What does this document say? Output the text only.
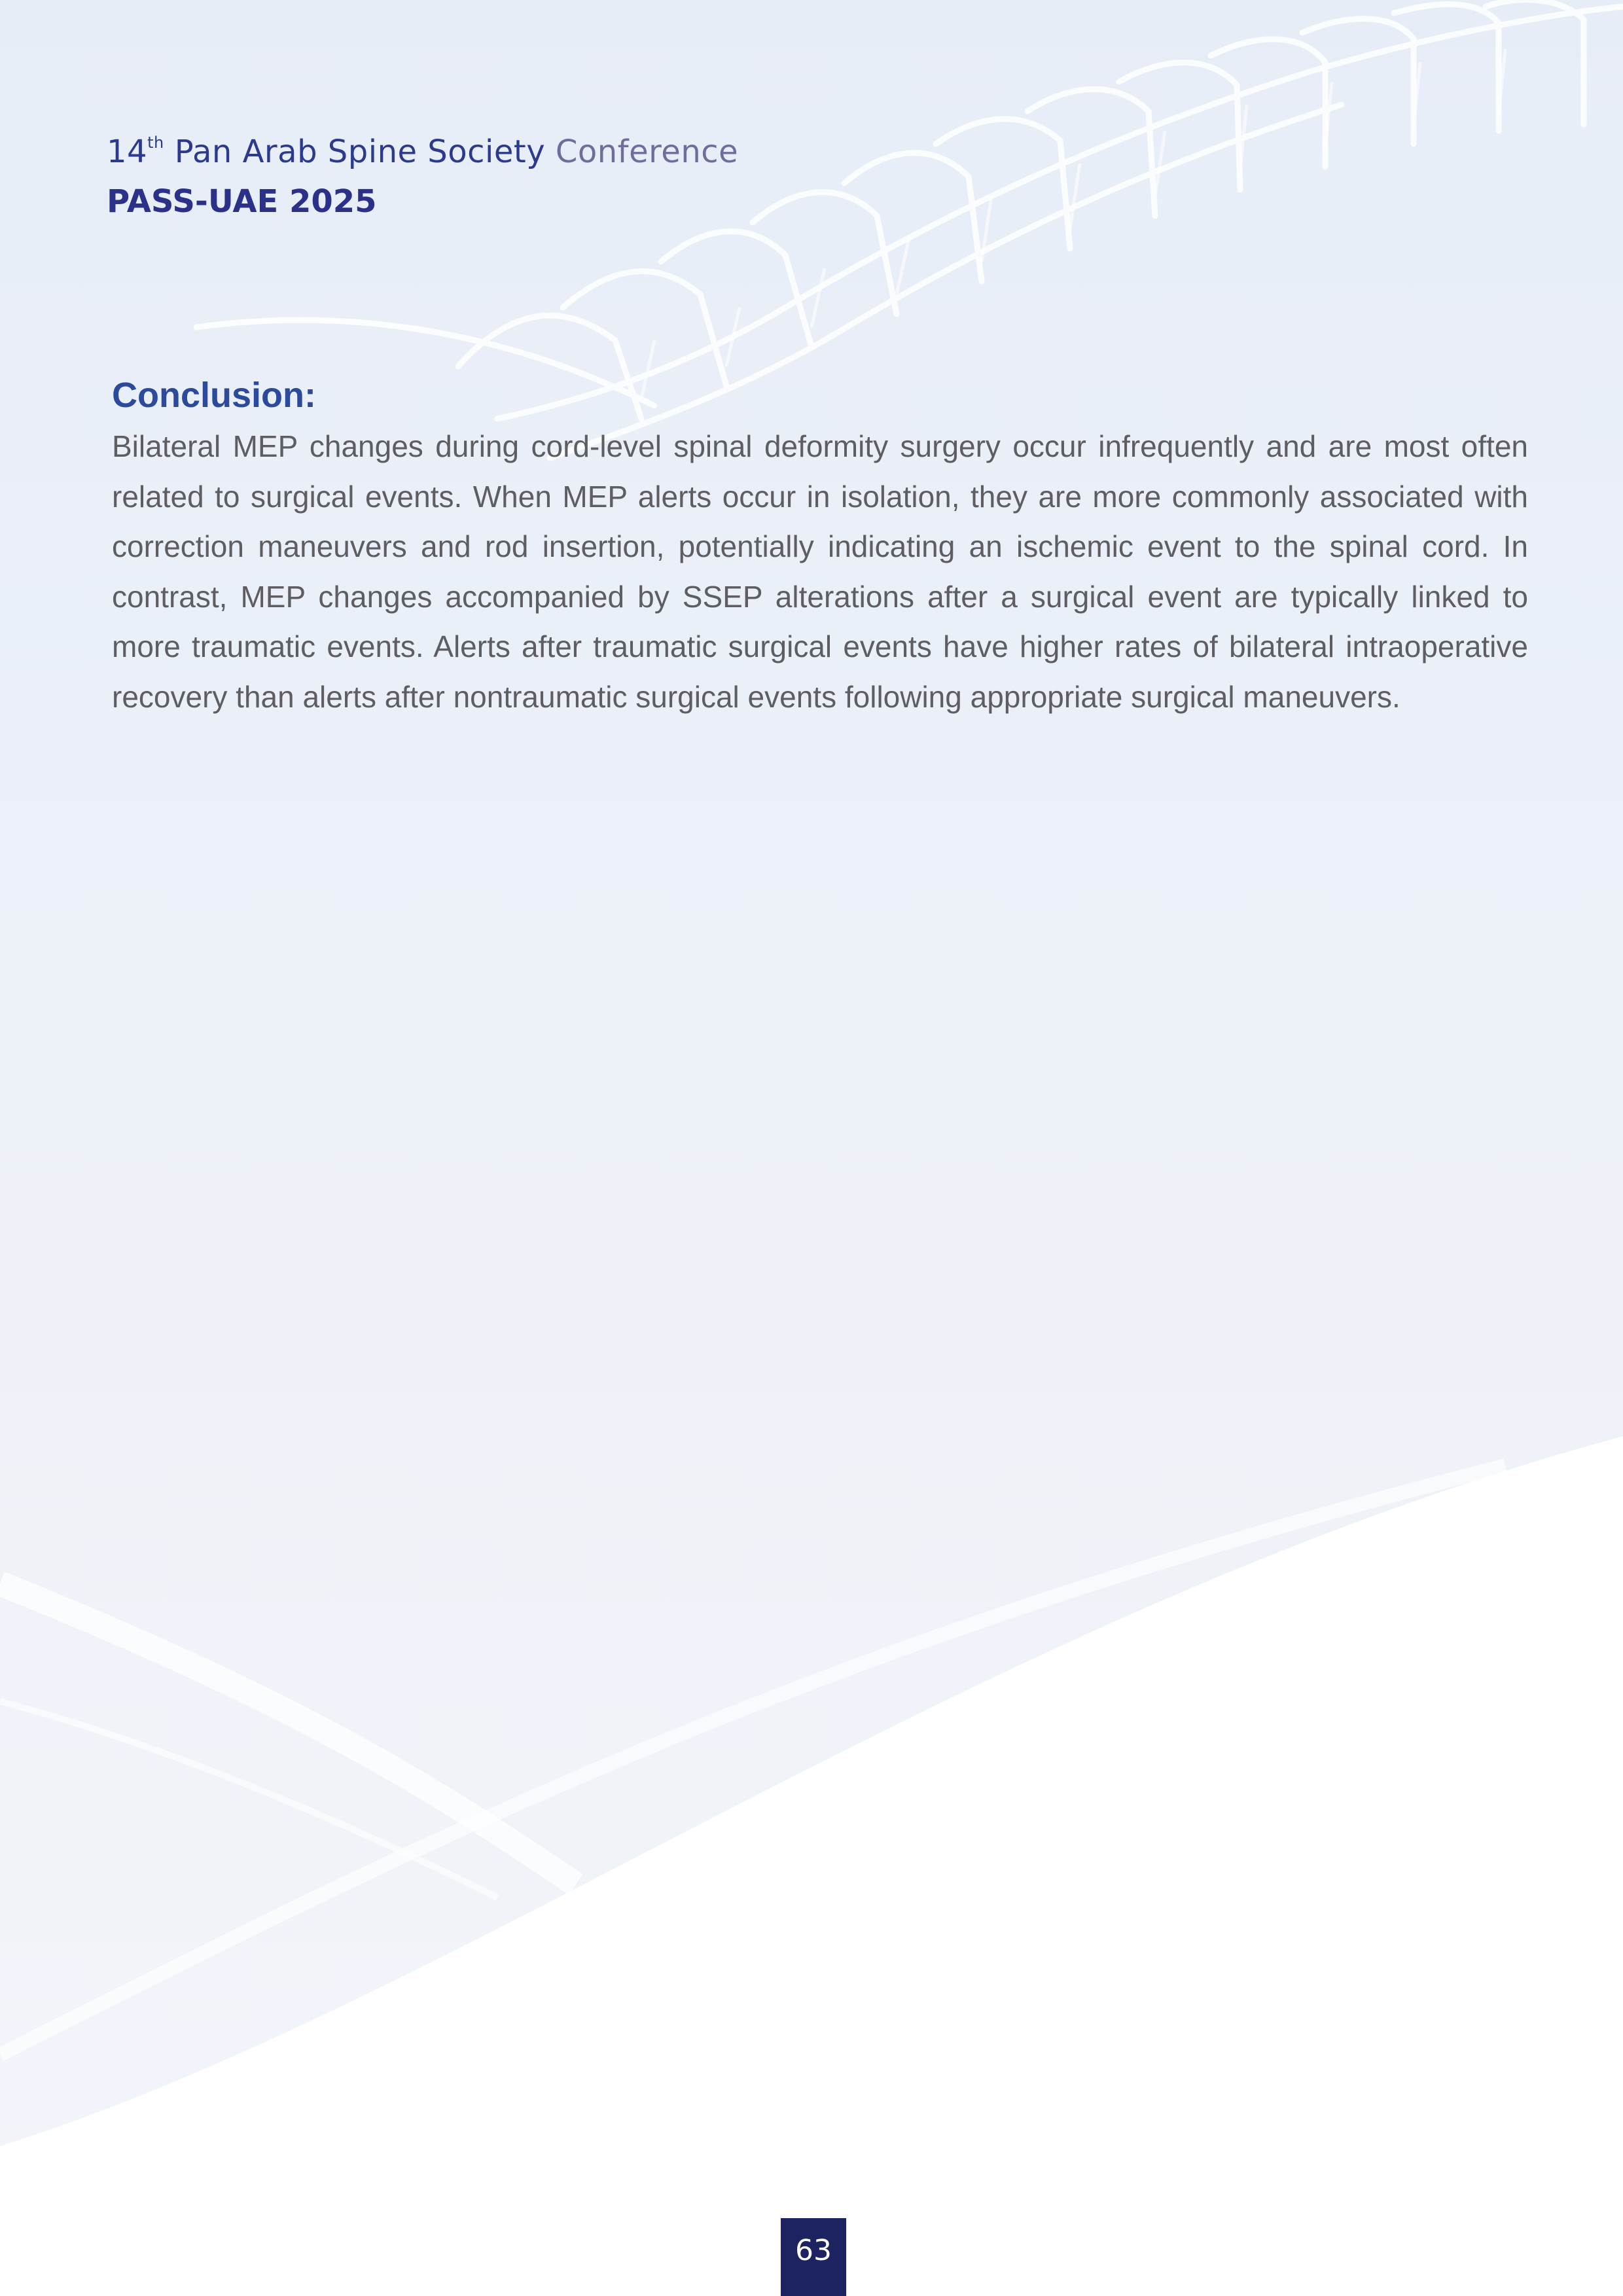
14th Pan Arab Spine Society Conference
PASS-UAE 2025
Conclusion:

Bilateral MEP changes during cord-level spinal deformity surgery occur infrequently and are most often related to surgical events. When MEP alerts occur in isolation, they are more commonly associated with correction maneuvers and rod insertion, potentially indicating an ischemic event to the spinal cord. In contrast, MEP changes accompanied by SSEP alterations after a surgical event are typically linked to more traumatic events. Alerts after traumatic surgical events have higher rates of bilateral intraoperative recovery than alerts after nontraumatic surgical events following appropriate surgical maneuvers.

63
